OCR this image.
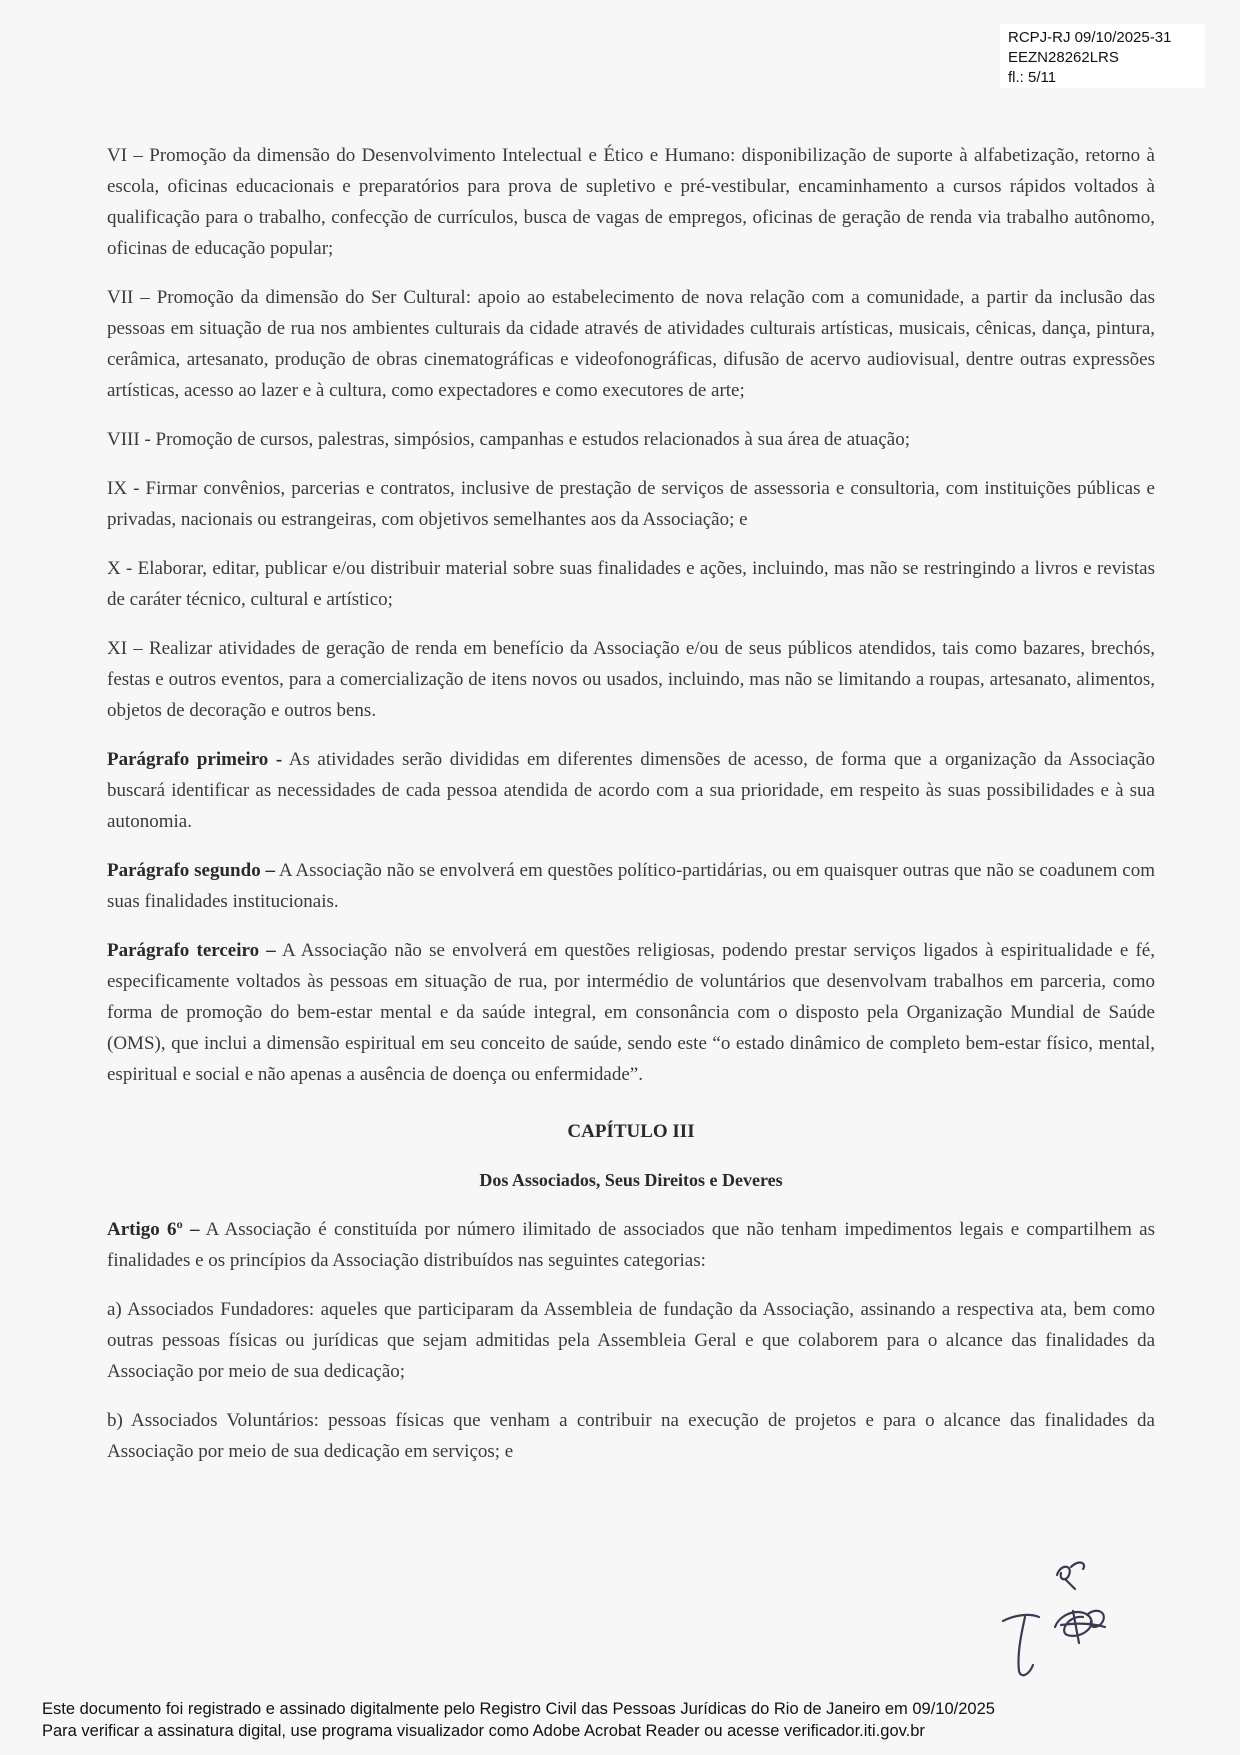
RCPJ-RJ 09/10/2025-31
EEZN28262LRS
fl.: 5/11

VI – Promoção da dimensão do Desenvolvimento Intelectual e Ético e Humano: disponibilização de suporte à alfabetização, retorno à escola, oficinas educacionais e preparatórios para prova de supletivo e pré-vestibular, encaminhamento a cursos rápidos voltados à qualificação para o trabalho, confecção de currículos, busca de vagas de empregos, oficinas de geração de renda via trabalho autônomo, oficinas de educação popular;

VII – Promoção da dimensão do Ser Cultural: apoio ao estabelecimento de nova relação com a comunidade, a partir da inclusão das pessoas em situação de rua nos ambientes culturais da cidade através de atividades culturais artísticas, musicais, cênicas, dança, pintura, cerâmica, artesanato, produção de obras cinematográficas e videofonográficas, difusão de acervo audiovisual, dentre outras expressões artísticas, acesso ao lazer e à cultura, como expectadores e como executores de arte;

VIII - Promoção de cursos, palestras, simpósios, campanhas e estudos relacionados à sua área de atuação;

IX - Firmar convênios, parcerias e contratos, inclusive de prestação de serviços de assessoria e consultoria, com instituições públicas e privadas, nacionais ou estrangeiras, com objetivos semelhantes aos da Associação; e

X - Elaborar, editar, publicar e/ou distribuir material sobre suas finalidades e ações, incluindo, mas não se restringindo a livros e revistas de caráter técnico, cultural e artístico;

XI – Realizar atividades de geração de renda em benefício da Associação e/ou de seus públicos atendidos, tais como bazares, brechós, festas e outros eventos, para a comercialização de itens novos ou usados, incluindo, mas não se limitando a roupas, artesanato, alimentos, objetos de decoração e outros bens.

Parágrafo primeiro - As atividades serão divididas em diferentes dimensões de acesso, de forma que a organização da Associação buscará identificar as necessidades de cada pessoa atendida de acordo com a sua prioridade, em respeito às suas possibilidades e à sua autonomia.

Parágrafo segundo – A Associação não se envolverá em questões político-partidárias, ou em quaisquer outras que não se coadunem com suas finalidades institucionais.

Parágrafo terceiro – A Associação não se envolverá em questões religiosas, podendo prestar serviços ligados à espiritualidade e fé, especificamente voltados às pessoas em situação de rua, por intermédio de voluntários que desenvolvam trabalhos em parceria, como forma de promoção do bem-estar mental e da saúde integral, em consonância com o disposto pela Organização Mundial de Saúde (OMS), que inclui a dimensão espiritual em seu conceito de saúde, sendo este “o estado dinâmico de completo bem-estar físico, mental, espiritual e social e não apenas a ausência de doença ou enfermidade”.

CAPÍTULO III

Dos Associados, Seus Direitos e Deveres

Artigo 6º – A Associação é constituída por número ilimitado de associados que não tenham impedimentos legais e compartilhem as finalidades e os princípios da Associação distribuídos nas seguintes categorias:

a) Associados Fundadores: aqueles que participaram da Assembleia de fundação da Associação, assinando a respectiva ata, bem como outras pessoas físicas ou jurídicas que sejam admitidas pela Assembleia Geral e que colaborem para o alcance das finalidades da Associação por meio de sua dedicação;

b) Associados Voluntários: pessoas físicas que venham a contribuir na execução de projetos e para o alcance das finalidades da Associação por meio de sua dedicação em serviços; e

Este documento foi registrado e assinado digitalmente pelo Registro Civil das Pessoas Jurídicas do Rio de Janeiro em 09/10/2025
Para verificar a assinatura digital, use programa visualizador como Adobe Acrobat Reader ou acesse verificador.iti.gov.br
